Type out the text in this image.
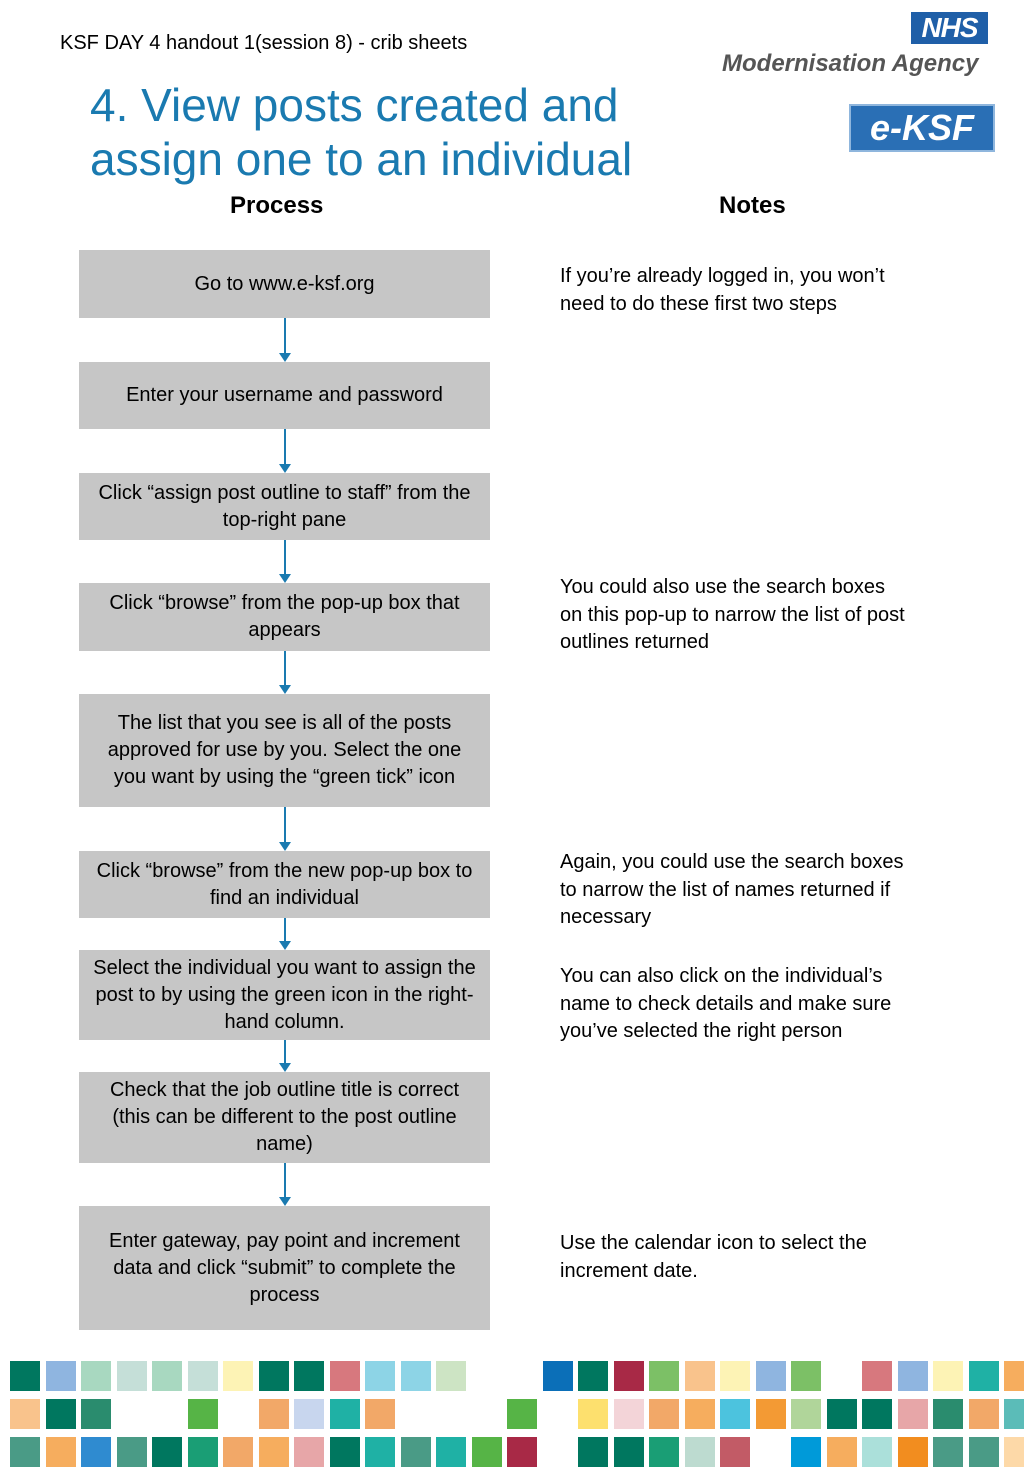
KSF DAY 4 handout 1(session 8) - crib sheets
4. View posts created and
assign one to an individual
NHS
Modernisation Agency
e-KSF
Process	Notes
Go to www.e-ksf.org
Enter your username and password
Click “assign post outline to staff” from the top-right pane
Click “browse” from the pop-up box that appears
The list that you see is all of the posts approved for use by you. Select the one you want by using the “green tick” icon
Click “browse” from the new pop-up box to find an individual
Select the individual you want to assign the post to by using the green icon in the right-hand column.
Check that the job outline title is correct (this can be different to the post outline name)
Enter gateway, pay point and increment data and click “submit” to complete the process
If you’re already logged in, you won’t need to do these first two steps
You could also use the search boxes on this pop-up to narrow the list of post outlines returned
Again, you could use the search boxes to narrow the list of names returned if necessary
You can also click on the individual’s name to check details and make sure you’ve selected the right person
Use the calendar icon to select the increment date.
